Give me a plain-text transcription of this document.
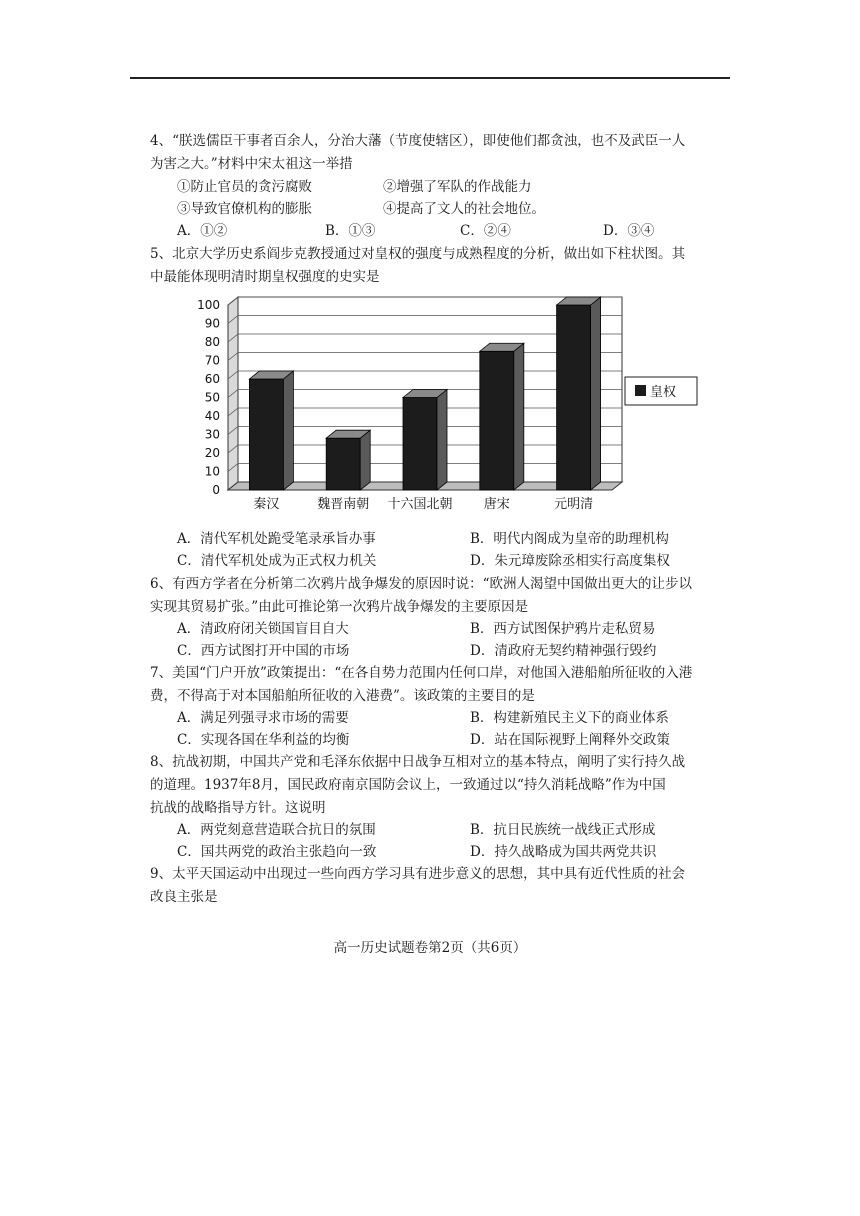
4、“朕选儒臣干事者百余人，分治大藩（节度使辖区），即使他们都贪浊，也不及武臣一人
为害之大。”材料中宋太祖这一举措
①防止官员的贪污腐败	②增强了军队的作战能力
③导致官僚机构的膨胀	④提高了文人的社会地位。
A．①②	B．①③	C．②④	D．③④
5、北京大学历史系阎步克教授通过对皇权的强度与成熟程度的分析，做出如下柱状图。其
中最能体现明清时期皇权强度的史实是
0
10
20
30
40
50
60
70
80
90
100
秦汉	魏晋南朝 十六国北朝 唐宋	元明清
皇权
A．清代军机处跪受笔录承旨办事	B．明代内阁成为皇帝的助理机构
C．清代军机处成为正式权力机关	D．朱元璋废除丞相实行高度集权
6、有西方学者在分析第二次鸦片战争爆发的原因时说：“欧洲人渴望中国做出更大的让步以
实现其贸易扩张。”由此可推论第一次鸦片战争爆发的主要原因是
A．清政府闭关锁国盲目自大	B．西方试图保护鸦片走私贸易
C．西方试图打开中国的市场	D．清政府无契约精神强行毁约
7、美国“门户开放”政策提出：“在各自势力范围内任何口岸，对他国入港船舶所征收的入港
费，不得高于对本国船舶所征收的入港费”。该政策的主要目的是
A．满足列强寻求市场的需要	B．构建新殖民主义下的商业体系
C．实现各国在华利益的均衡	D．站在国际视野上阐释外交政策
8、抗战初期，中国共产党和毛泽东依据中日战争互相对立的基本特点，阐明了实行持久战
的道理。1937年8月，国民政府南京国防会议上，一致通过以“持久消耗战略”作为中国
抗战的战略指导方针。这说明
A．两党刻意营造联合抗日的氛围	B．抗日民族统一战线正式形成
C．国共两党的政治主张趋向一致	D．持久战略成为国共两党共识
9、太平天国运动中出现过一些向西方学习具有进步意义的思想，其中具有近代性质的社会
改良主张是
高一历史试题卷第2页（共6页）
